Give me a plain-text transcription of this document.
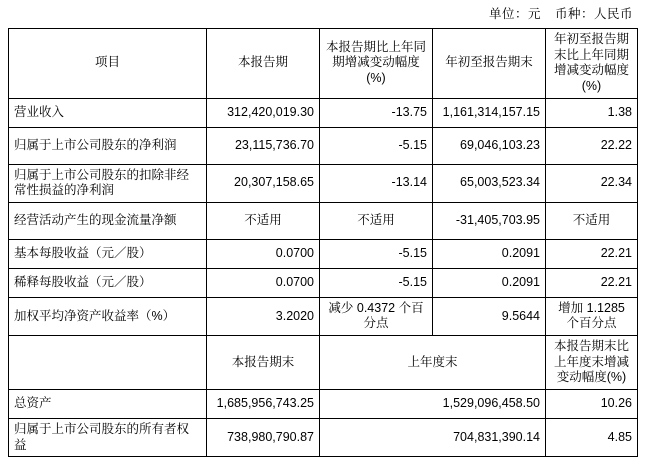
单位：元 币种：人民币
项目	本报告期	本报告期比上年同期增减变动幅度(%)	年初至报告期末	年初至报告期末比上年同期增减变动幅度(%)
营业收入	312,420,019.30	-13.75	1,161,314,157.15	1.38
归属于上市公司股东的净利润	23,115,736.70	-5.15	69,046,103.23	22.22
归属于上市公司股东的扣除非经常性损益的净利润	20,307,158.65	-13.14	65,003,523.34	22.34
经营活动产生的现金流量净额	不适用	不适用	-31,405,703.95	不适用
基本每股收益（元／股）	0.0700	-5.15	0.2091	22.21
稀释每股收益（元／股）	0.0700	-5.15	0.2091	22.21
加权平均净资产收益率（%）	3.2020	减少 0.4372 个百分点	9.5644	增加 1.1285 个百分点
	本报告期末	上年度末		本报告期末比上年度末增减变动幅度(%)
总资产	1,685,956,743.25	1,529,096,458.50		10.26
归属于上市公司股东的所有者权益	738,980,790.87	704,831,390.14		4.85
